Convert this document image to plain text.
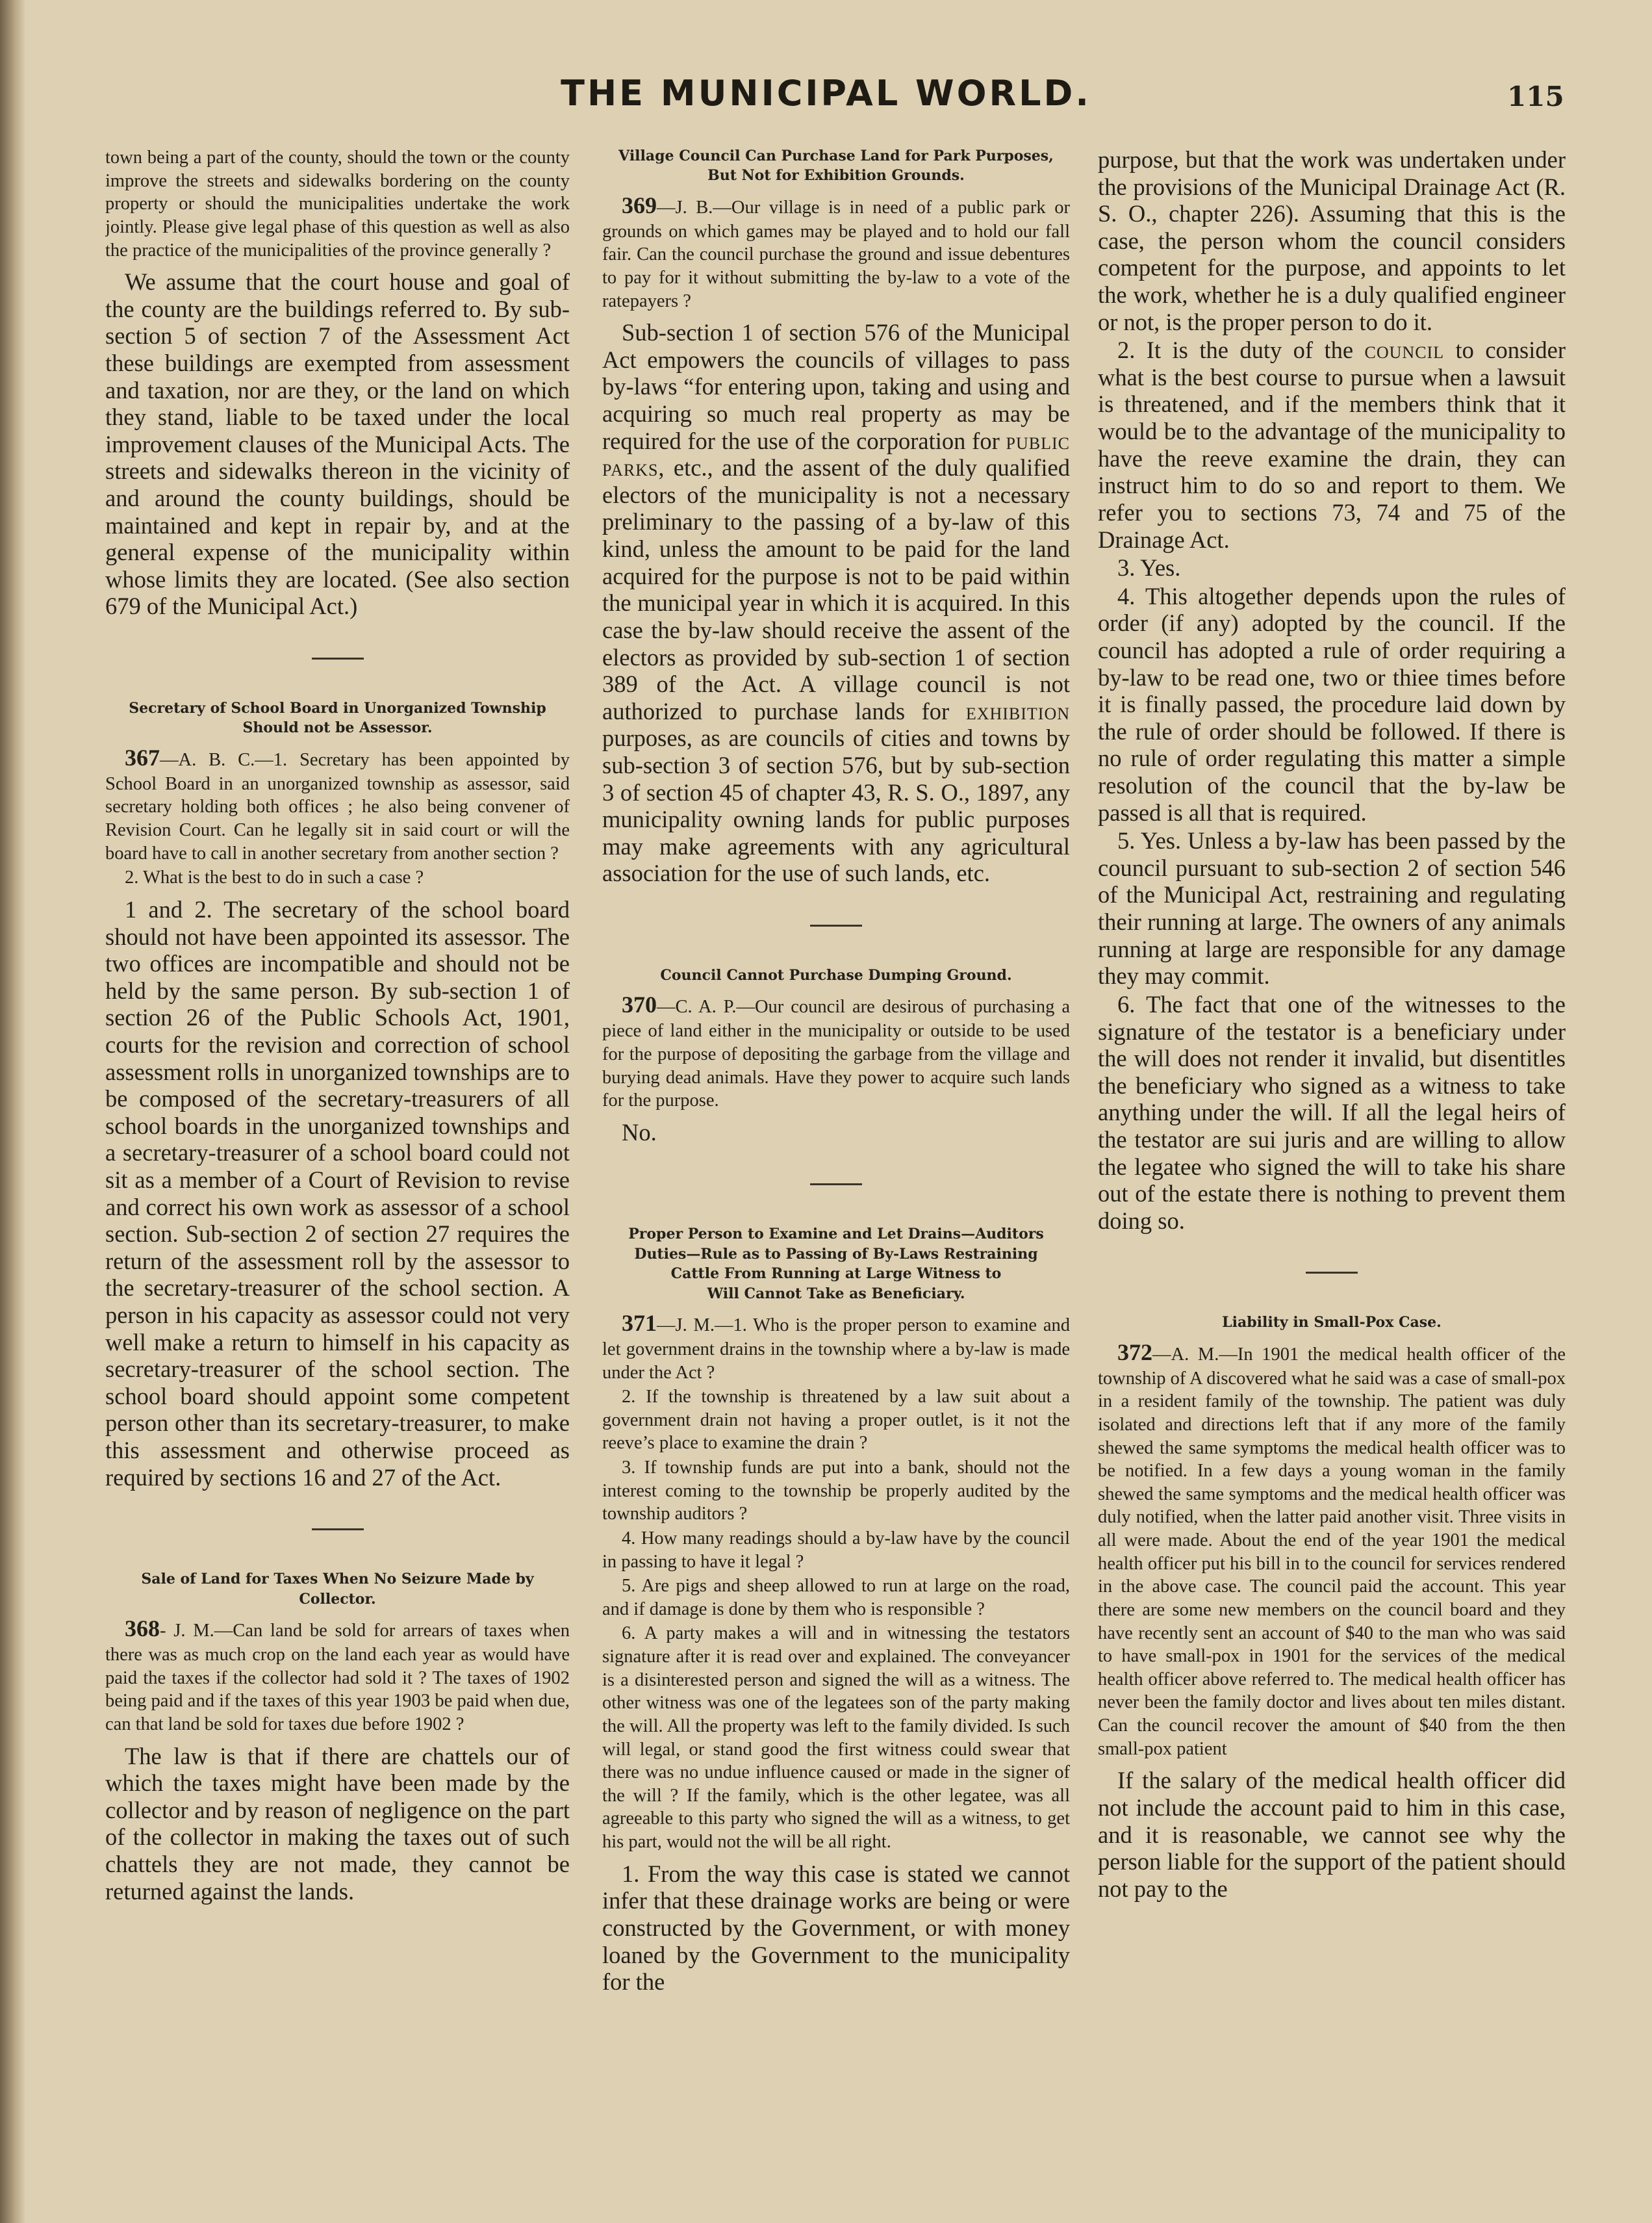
THE MUNICIPAL WORLD.	115

town being a part of the county, should the town or the county improve the streets and sidewalks bordering on the county property or should the municipalities undertake the work jointly. Please give legal phase of this question as well as also the practice of the municipalities of the province generally ?

We assume that the court house and goal of the county are the buildings referred to. By sub-section 5 of section 7 of the Assessment Act these buildings are exempted from assessment and taxation, nor are they, or the land on which they stand, liable to be taxed under the local improvement clauses of the Municipal Acts. The streets and sidewalks thereon in the vicinity of and around the county buildings, should be maintained and kept in repair by, and at the general expense of the municipality within whose limits they are located. (See also section 679 of the Municipal Act.)

Secretary of School Board in Unorganized Township
Should not be Assessor.

367—A. B. C.—1. Secretary has been appointed by School Board in an unorganized township as assessor, said secretary holding both offices ; he also being convener of Revision Court. Can he legally sit in said court or will the board have to call in another secretary from another section ?

2. What is the best to do in such a case ?

1 and 2. The secretary of the school board should not have been appointed its assessor. The two offices are incompatible and should not be held by the same person. By sub-section 1 of section 26 of the Public Schools Act, 1901, courts for the revision and correction of school assessment rolls in unorganized townships are to be composed of the secretary-treasurers of all school boards in the unorganized townships and a secretary-treasurer of a school board could not sit as a member of a Court of Revision to revise and correct his own work as assessor of a school section. Sub-section 2 of section 27 requires the return of the assessment roll by the assessor to the secretary-treasurer of the school section. A person in his capacity as assessor could not very well make a return to himself in his capacity as secretary-treasurer of the school section. The school board should appoint some competent person other than its secretary-treasurer, to make this assessment and otherwise proceed as required by sections 16 and 27 of the Act.

Sale of Land for Taxes When No Seizure Made by
Collector.

368- J. M.—Can land be sold for arrears of taxes when there was as much crop on the land each year as would have paid the taxes if the collector had sold it ? The taxes of 1902 being paid and if the taxes of this year 1903 be paid when due, can that land be sold for taxes due before 1902 ?

The law is that if there are chattels our of which the taxes might have been made by the collector and by reason of negligence on the part of the collector in making the taxes out of such chattels they are not made, they cannot be returned against the lands.

Village Council Can Purchase Land for Park Purposes,
But Not for Exhibition Grounds.

369—J. B.—Our village is in need of a public park or grounds on which games may be played and to hold our fall fair. Can the council purchase the ground and issue debentures to pay for it without submitting the by-law to a vote of the ratepayers ?

Sub-section 1 of section 576 of the Municipal Act empowers the councils of villages to pass by-laws “for entering upon, taking and using and acquiring so much real property as may be required for the use of the corporation for public parks, etc., and the assent of the duly qualified electors of the municipality is not a necessary preliminary to the passing of a by-law of this kind, unless the amount to be paid for the land acquired for the purpose is not to be paid within the municipal year in which it is acquired. In this case the by-law should receive the assent of the electors as provided by sub-section 1 of section 389 of the Act. A village council is not authorized to purchase lands for exhibition purposes, as are councils of cities and towns by sub-section 3 of section 576, but by sub-section 3 of section 45 of chapter 43, R. S. O., 1897, any municipality owning lands for public purposes may make agreements with any agricultural association for the use of such lands, etc.

Council Cannot Purchase Dumping Ground.

370—C. A. P.—Our council are desirous of purchasing a piece of land either in the municipality or outside to be used for the purpose of depositing the garbage from the village and burying dead animals. Have they power to acquire such lands for the purpose.

No.

Proper Person to Examine and Let Drains—Auditors
Duties—Rule as to Passing of By-Laws Restraining
Cattle From Running at Large Witness to
Will Cannot Take as Beneficiary.

371—J. M.—1. Who is the proper person to examine and let government drains in the township where a by-law is made under the Act ?

2. If the township is threatened by a law suit about a government drain not having a proper outlet, is it not the reeve’s place to examine the drain ?

3. If township funds are put into a bank, should not the interest coming to the township be properly audited by the township auditors ?

4. How many readings should a by-law have by the council in passing to have it legal ?

5. Are pigs and sheep allowed to run at large on the road, and if damage is done by them who is responsible ?

6. A party makes a will and in witnessing the testators signature after it is read over and explained. The conveyancer is a disinterested person and signed the will as a witness. The other witness was one of the legatees son of the party making the will. All the property was left to the family divided. Is such will legal, or stand good the first witness could swear that there was no undue influence caused or made in the signer of the will ? If the family, which is the other legatee, was all agreeable to this party who signed the will as a witness, to get his part, would not the will be all right.

1. From the way this case is stated we cannot infer that these drainage works are being or were constructed by the Government, or with money loaned by the Government to the municipality for the

purpose, but that the work was undertaken under the provisions of the Municipal Drainage Act (R. S. O., chapter 226). Assuming that this is the case, the person whom the council considers competent for the purpose, and appoints to let the work, whether he is a duly qualified engineer or not, is the proper person to do it.

2. It is the duty of the council to consider what is the best course to pursue when a lawsuit is threatened, and if the members think that it would be to the advantage of the municipality to have the reeve examine the drain, they can instruct him to do so and report to them. We refer you to sections 73, 74 and 75 of the Drainage Act.

3. Yes.

4. This altogether depends upon the rules of order (if any) adopted by the council. If the council has adopted a rule of order requiring a by-law to be read one, two or thiee times before it is finally passed, the procedure laid down by the rule of order should be followed. If there is no rule of order regulating this matter a simple resolution of the council that the by-law be passed is all that is required.

5. Yes. Unless a by-law has been passed by the council pursuant to sub-section 2 of section 546 of the Municipal Act, restraining and regulating their running at large. The owners of any animals running at large are responsible for any damage they may commit.

6. The fact that one of the witnesses to the signature of the testator is a beneficiary under the will does not render it invalid, but disentitles the beneficiary who signed as a witness to take anything under the will. If all the legal heirs of the testator are sui juris and are willing to allow the legatee who signed the will to take his share out of the estate there is nothing to prevent them doing so.

Liability in Small-Pox Case.

372—A. M.—In 1901 the medical health officer of the township of A discovered what he said was a case of small-pox in a resident family of the township. The patient was duly isolated and directions left that if any more of the family shewed the same symptoms the medical health officer was to be notified. In a few days a young woman in the family shewed the same symptoms and the medical health officer was duly notified, when the latter paid another visit. Three visits in all were made. About the end of the year 1901 the medical health officer put his bill in to the council for services rendered in the above case. The council paid the account. This year there are some new members on the council board and they have recently sent an account of $40 to the man who was said to have small-pox in 1901 for the services of the medical health officer above referred to. The medical health officer has never been the family doctor and lives about ten miles distant. Can the council recover the amount of $40 from the then small-pox patient

If the salary of the medical health officer did not include the account paid to him in this case, and it is reasonable, we cannot see why the person liable for the support of the patient should not pay to the
